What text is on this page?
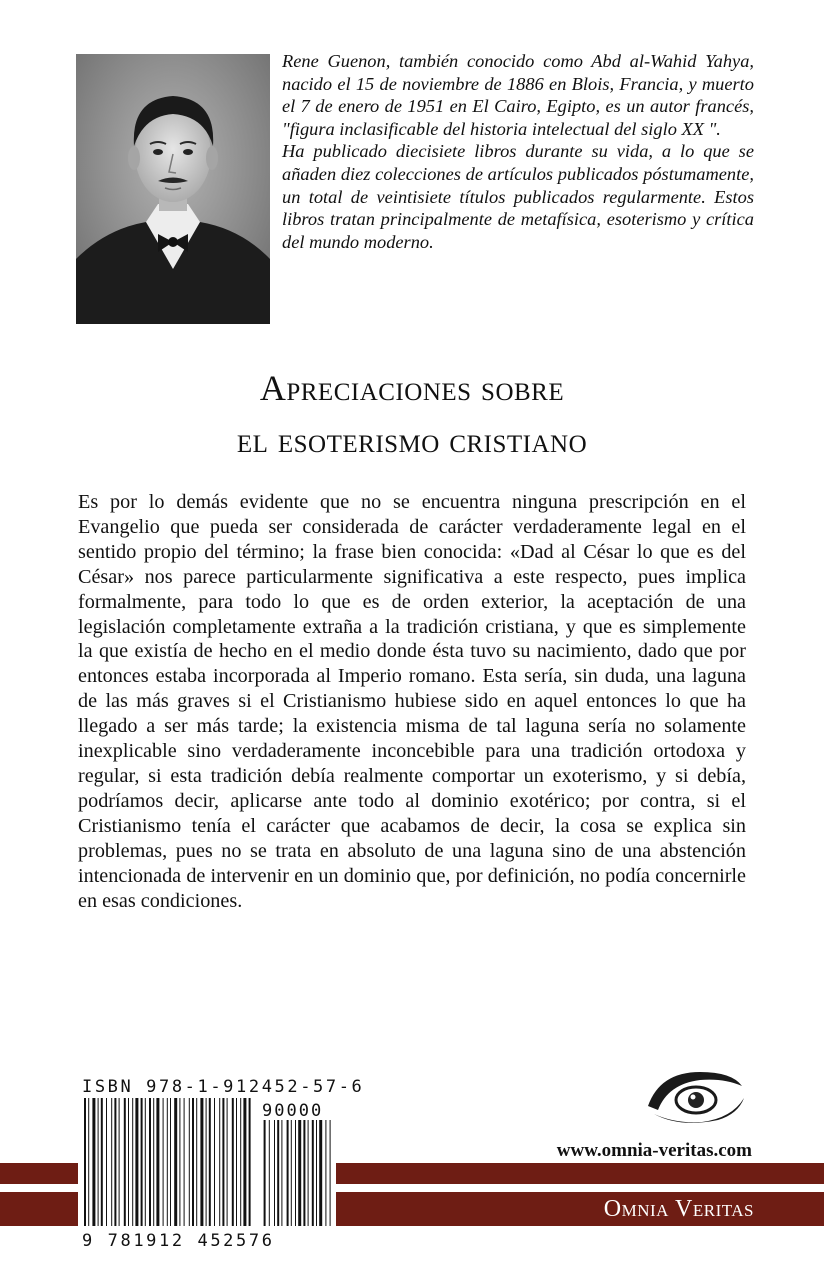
Rene Guenon, también conocido como Abd al-Wahid Yahya, nacido el 15 de noviembre de 1886 en Blois, Francia, y muerto el 7 de enero de 1951 en El Cairo, Egipto, es un autor francés, "figura inclasificable del historia intelectual del siglo XX ".

Ha publicado diecisiete libros durante su vida, a lo que se añaden diez colecciones de artículos publicados póstumamente, un total de veintisiete títulos publicados regularmente. Estos libros tratan principalmente de metafísica, esoterismo y crítica del mundo moderno.

Apreciaciones sobre
el esoterismo cristiano

Es por lo demás evidente que no se encuentra ninguna prescripción en el Evangelio que pueda ser considerada de carácter verdaderamente legal en el sentido propio del término; la frase bien conocida: «Dad al César lo que es del César» nos parece particularmente significativa a este respecto, pues implica formalmente, para todo lo que es de orden exterior, la aceptación de una legislación completamente extraña a la tradición cristiana, y que es simplemente la que existía de hecho en el medio donde ésta tuvo su nacimiento, dado que por entonces estaba incorporada al Imperio romano. Esta sería, sin duda, una laguna de las más graves si el Cristianismo hubiese sido en aquel entonces lo que ha llegado a ser más tarde; la existencia misma de tal laguna sería no solamente inexplicable sino verdaderamente inconcebible para una tradición ortodoxa y regular, si esta tradición debía realmente comportar un exoterismo, y si debía, podríamos decir, aplicarse ante todo al dominio exotérico; por contra, si el Cristianismo tenía el carácter que acabamos de decir, la cosa se explica sin problemas, pues no se trata en absoluto de una laguna sino de una abstención intencionada de intervenir en un dominio que, por definición, no podía concernirle en esas condiciones.

ISBN 978-1-912452-57-6
90000
9 781912 452576
www.omnia-veritas.com
Omnia Veritas
